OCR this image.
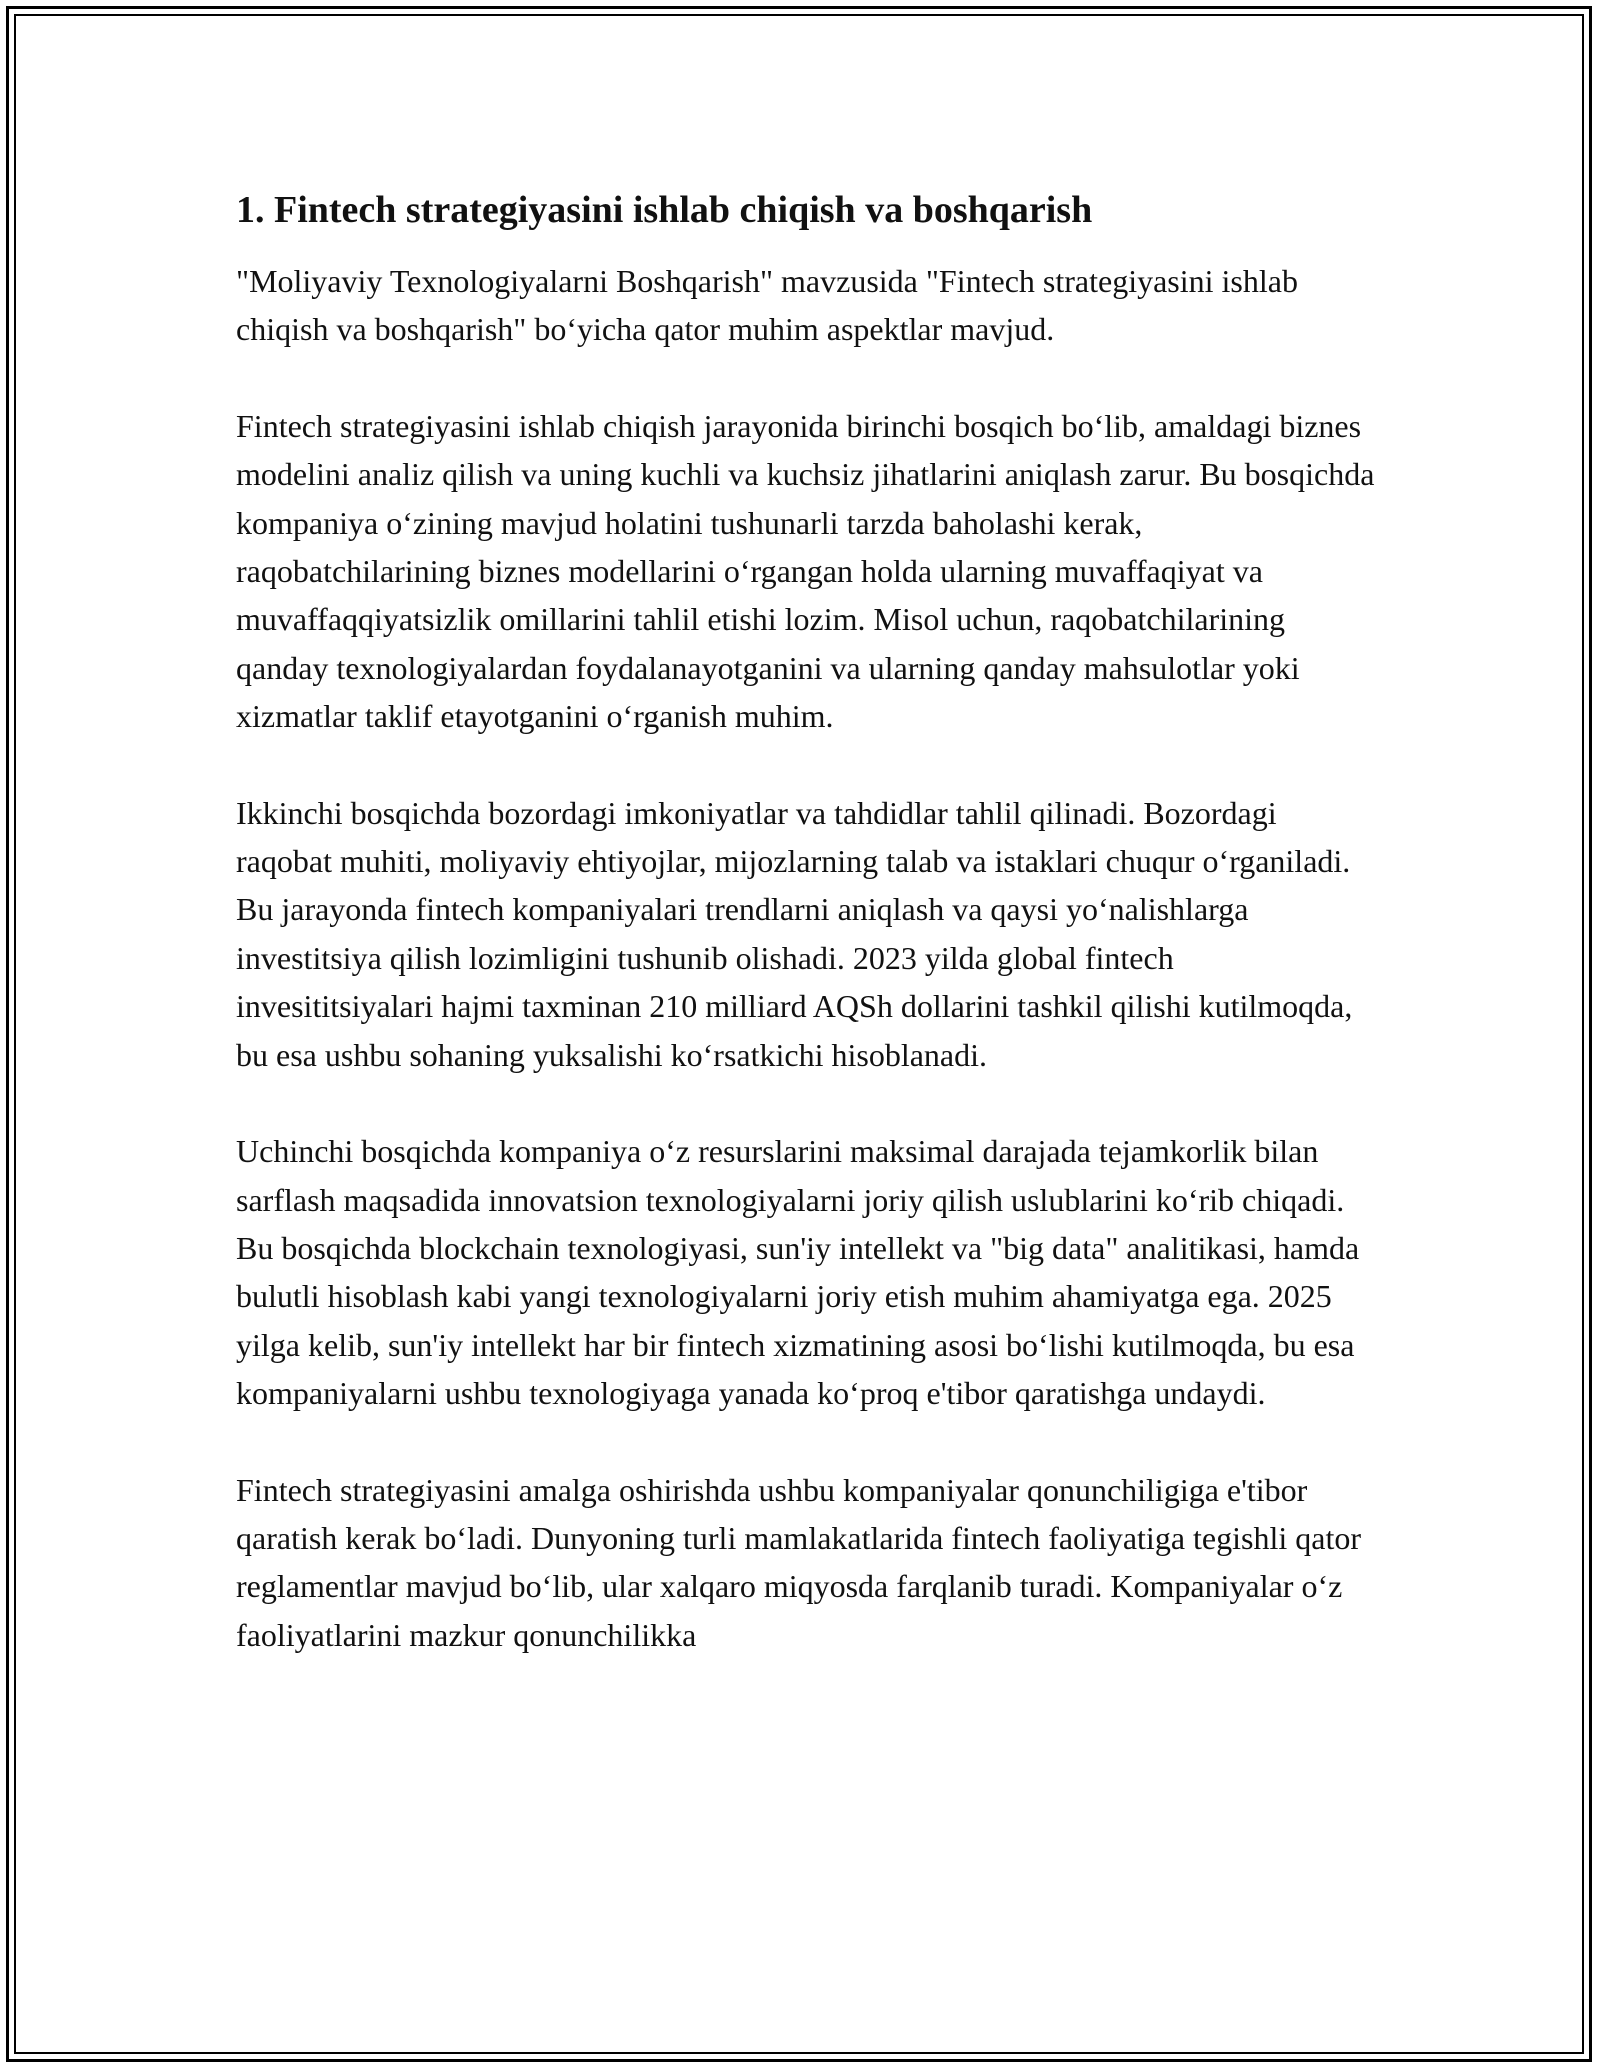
1. Fintech strategiyasini ishlab chiqish va boshqarish

"Moliyaviy Texnologiyalarni Boshqarish" mavzusida "Fintech strategiyasini ishlab chiqish va boshqarish" bo‘yicha qator muhim aspektlar mavjud.

Fintech strategiyasini ishlab chiqish jarayonida birinchi bosqich bo‘lib, amaldagi biznes modelini analiz qilish va uning kuchli va kuchsiz jihatlarini aniqlash zarur. Bu bosqichda kompaniya o‘zining mavjud holatini tushunarli tarzda baholashi kerak, raqobatchilarining biznes modellarini o‘rgangan holda ularning muvaffaqiyat va muvaffaqqiyatsizlik omillarini tahlil etishi lozim. Misol uchun, raqobatchilarining qanday texnologiyalardan foydalanayotganini va ularning qanday mahsulotlar yoki xizmatlar taklif etayotganini o‘rganish muhim.

Ikkinchi bosqichda bozordagi imkoniyatlar va tahdidlar tahlil qilinadi. Bozordagi raqobat muhiti, moliyaviy ehtiyojlar, mijozlarning talab va istaklari chuqur o‘rganiladi. Bu jarayonda fintech kompaniyalari trendlarni aniqlash va qaysi yo‘nalishlarga investitsiya qilish lozimligini tushunib olishadi. 2023 yilda global fintech invesititsiyalari hajmi taxminan 210 milliard AQSh dollarini tashkil qilishi kutilmoqda, bu esa ushbu sohaning yuksalishi ko‘rsatkichi hisoblanadi.

Uchinchi bosqichda kompaniya o‘z resurslarini maksimal darajada tejamkorlik bilan sarflash maqsadida innovatsion texnologiyalarni joriy qilish uslublarini ko‘rib chiqadi. Bu bosqichda blockchain texnologiyasi, sun'iy intellekt va "big data" analitikasi, hamda bulutli hisoblash kabi yangi texnologiyalarni joriy etish muhim ahamiyatga ega. 2025 yilga kelib, sun'iy intellekt har bir fintech xizmatining asosi bo‘lishi kutilmoqda, bu esa kompaniyalarni ushbu texnologiyaga yanada ko‘proq e'tibor qaratishga undaydi.

Fintech strategiyasini amalga oshirishda ushbu kompaniyalar qonunchiligiga e'tibor qaratish kerak bo‘ladi. Dunyoning turli mamlakatlarida fintech faoliyatiga tegishli qator reglamentlar mavjud bo‘lib, ular xalqaro miqyosda farqlanib turadi. Kompaniyalar o‘z faoliyatlarini mazkur qonunchilikka
